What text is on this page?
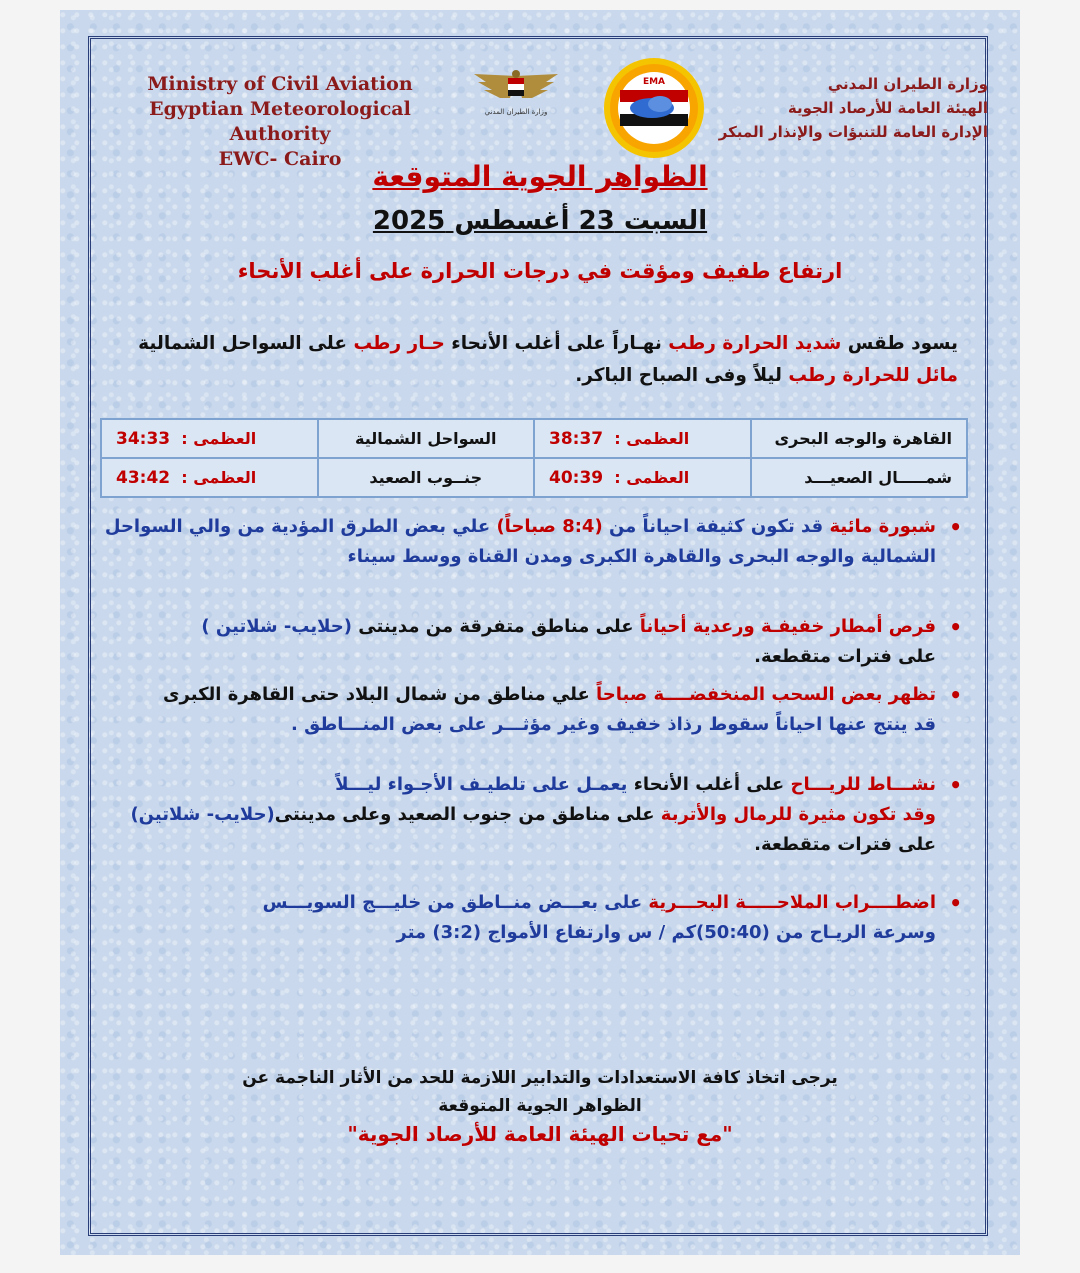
Ministry of Civil Aviation
Egyptian Meteorological Authority
EWC- Cairo
وزارة الطيران المدني
EMA	وزارة الطيران المدني
الهيئة العامة للأرصاد الجوية
الإدارة العامة للتنبؤات والإنذار المبكر
الظواهر الجوية المتوقعة
السبت 23 أغسطس 2025
ارتفاع طفيف ومؤقت في درجات الحرارة على أغلب الأنحاء
يسود طقس شديد الحرارة رطب نهـاراً على أغلب الأنحاء حـار رطب على السواحل الشمالية
مائل للحرارة رطب ليلاً وفى الصباح الباكر.
القاهرة والوجه البحرى	العظمى :  38:37	السواحل الشمالية	العظمى :  34:33
شمـــــال الصعيـــد	العظمى :  40:39	جنــوب الصعيد	العظمى :  43:42
•
شبورة مائية قد تكون كثيفة احياناً من (8:4 صباحاً) علي بعض الطرق المؤدية من والي السواحل الشمالية والوجه البحرى والقاهرة الكبرى ومدن القناة ووسط سيناء
•
فرص أمطار خفيفـة ورعدية أحياناً على مناطق متفرقة من مدينتى (حلايب- شلاتين )
على فترات متقطعة.
•
تظهر بعض السحب المنخفضــــة صباحاً علي مناطق من شمال البلاد حتى القاهرة الكبرى
قد ينتج عنها احياناً سقوط رذاذ خفيف وغير مؤثـــر على بعض المنـــاطق .
•
نشـــاط للريـــاح على أغلب الأنحاء يعمـل على تلطيـف الأجـواء ليـــلاً
وقد تكون مثيرة للرمال والأتربة على مناطق من جنوب الصعيد وعلى مدينتى(حلايب- شلاتين)
على فترات متقطعة.
•
اضطــــراب الملاحـــــة البحـــرية على بعـــض منــاطق من خليـــج السويـــس
وسرعة الريـاح من (50:40)كم / س وارتفاع الأمواج (3:2) متر
يرجى اتخاذ كافة الاستعدادات والتدابير اللازمة للحد من الأثار الناجمة عن
الظواهر الجوية المتوقعة
"مع تحيات الهيئة العامة للأرصاد الجوية"
